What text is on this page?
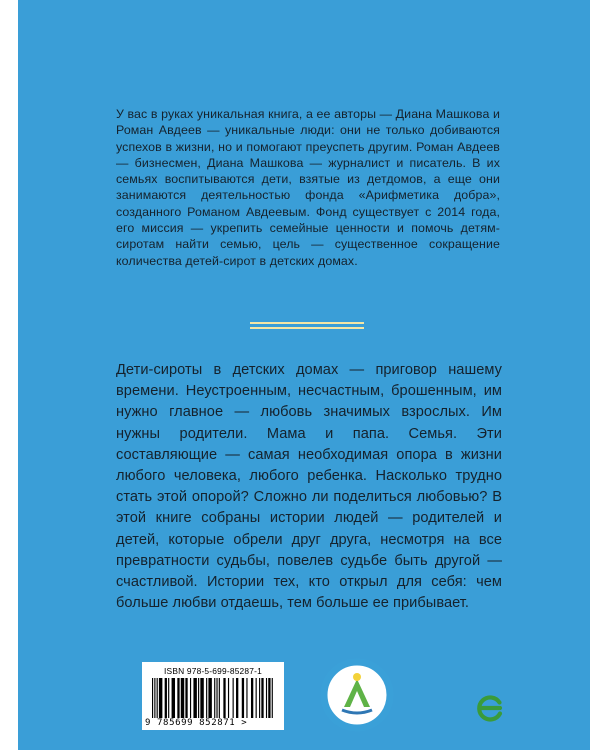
У вас в руках уникальная книга, а ее авторы — Диана Машкова и Роман Авдеев — уникальные люди: они не только добиваются успехов в жизни, но и помогают преуспеть другим. Роман Авдеев — бизнесмен, Диана Машкова — журналист и писатель. В их семьях воспитываются дети, взятые из детдомов, а еще они занимаются деятельностью фонда «Арифметика добра», созданного Романом Авдеевым. Фонд существует с 2014 года, его миссия — укрепить семейные ценности и помочь детям-сиротам найти семью, цель — существенное сокращение количества детей-сирот в детских домах.

Дети-сироты в детских домах — приговор нашему времени. Неустроенным, несчастным, брошенным, им нужно главное — любовь значимых взрослых. Им нужны родители. Мама и папа. Семья. Эти составляющие — самая необходимая опора в жизни любого человека, любого ребенка. Насколько трудно стать этой опорой? Сложно ли поделиться любовью? В этой книге собраны истории людей — родителей и детей, которые обрели друг друга, несмотря на все превратности судьбы, повелев судьбе быть другой — счастливой. Истории тех, кто открыл для себя: чем больше любви отдаешь, тем больше ее прибывает.

ISBN 978-5-699-85287-1
9 785699 852871 >
